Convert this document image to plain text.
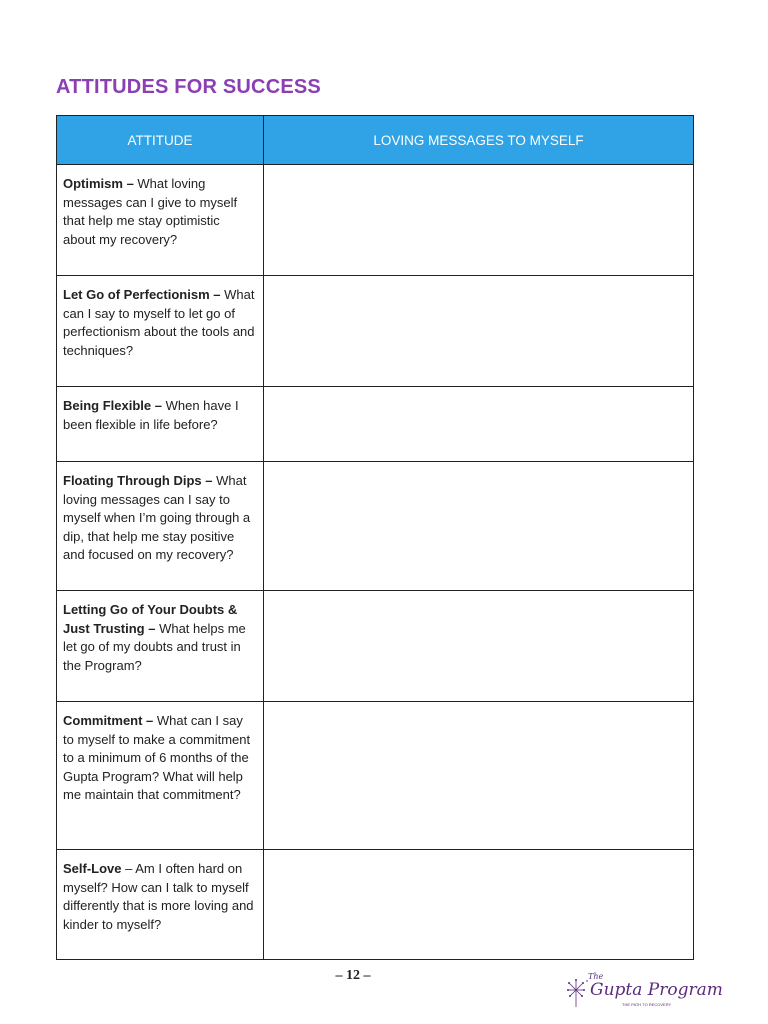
ATTITUDES FOR SUCCESS
ATTITUDE	LOVING MESSAGES TO MYSELF
Optimism – What loving messages can I give to myself that help me stay optimistic about my recovery?	
Let Go of Perfectionism – What can I say to myself to let go of perfectionism about the tools and techniques?	
Being Flexible – When have I been flexible in life before?	
Floating Through Dips – What loving messages can I say to myself when I’m going through a dip, that help me stay positive and focused on my recovery?	
Letting Go of Your Doubts & Just Trusting – What helps me let go of my doubts and trust in the Program?	
Commitment – What can I say to myself to make a commitment to a minimum of 6 months of the Gupta Program? What will help me maintain that commitment?	
Self-Love – Am I often hard on myself? How can I talk to myself differently that is more loving and kinder to myself?	
– 12 –	The
Gupta Program
THE PATH TO RECOVERY
